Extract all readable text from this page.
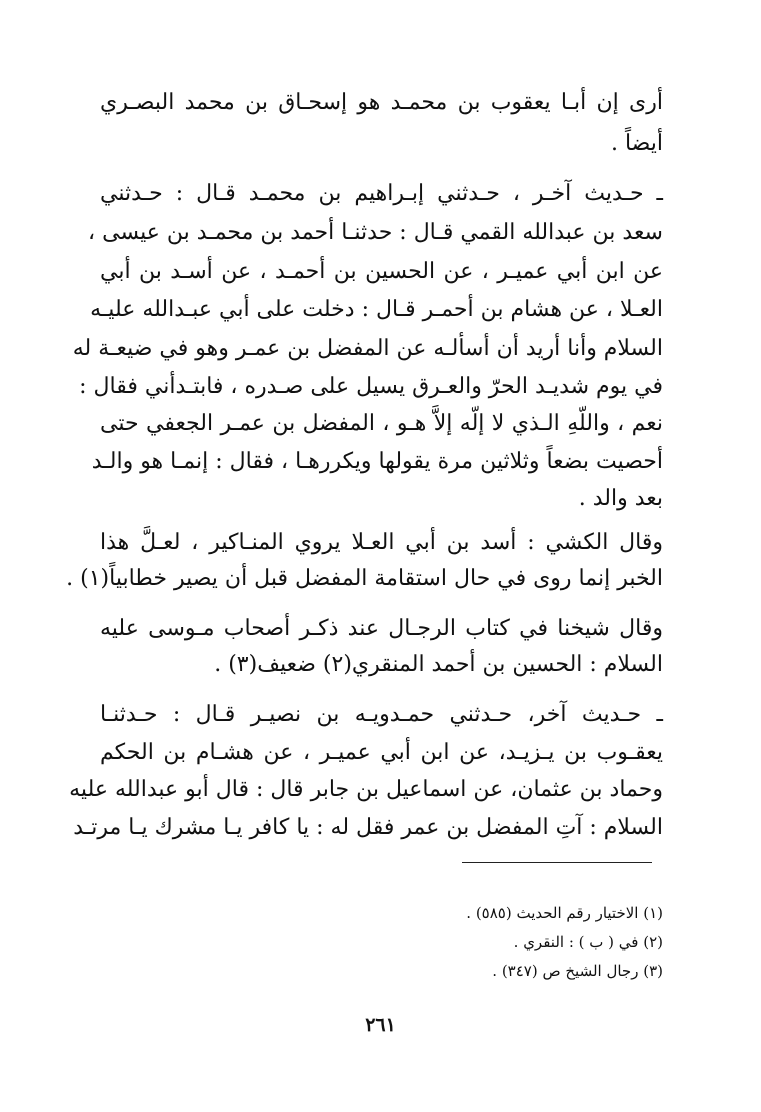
أرى إن أبـا يعقوب بن محمـد هو إسحـاق بن محمد البصـري
أيضاً .
ـ حـديث آخـر ، حـدثني إبـراهيم بن محمـد قـال : حـدثني
سعد بن عبدالله القمي قـال : حدثنـا أحمد بن محمـد بن عيسى ،
عن ابن أبي عميـر ، عن الحسين بن أحمـد ، عن أسـد بن أبي
العـلا ، عن هشام بن أحمـر قـال : دخلت على أبي عبـدالله عليـه
السلام وأنا أريد أن أسألـه عن المفضل بن عمـر وهو في ضيعـة له
في يوم شديـد الحرّ والعـرق يسيل على صـدره ، فابتـدأني فقال :
نعم ، واللّهِ الـذي لا إلّه إلاَّ هـو ، المفضل بن عمـر الجعفي حتى
أحصيت بضعاً وثلاثين مرة يقولها ويكررهـا ، فقال : إنمـا هو والـد
بعد والد .
وقال الكشي : أسد بن أبي العـلا يروي المنـاكير ، لعـلَّ هذا
الخبر إنما روى في حال استقامة المفضل قبل أن يصير خطابياً(١) .
وقال شيخنا في كتاب الرجـال عند ذكـر أصحاب مـوسى عليه
السلام : الحسين بن أحمد المنقري(٢) ضعيف(٣) .
ـ حـديث آخر، حـدثني حمـدويـه بن نصيـر قـال : حـدثنـا
يعقـوب بن يـزيـد، عن ابن أبي عميـر ، عن هشـام بن الحكم
وحماد بن عثمان، عن اسماعيل بن جابر قال : قال أبو عبدالله عليه
السلام : آتِ المفضل بن عمر فقل له : يا كافر يـا مشرك يـا مرتـد
(١) الاختيار رقم الحديث (٥٨٥) .
(٢) في ( ب ) : النقري .
(٣) رجال الشيخ ص (٣٤٧) .
٢٦١
